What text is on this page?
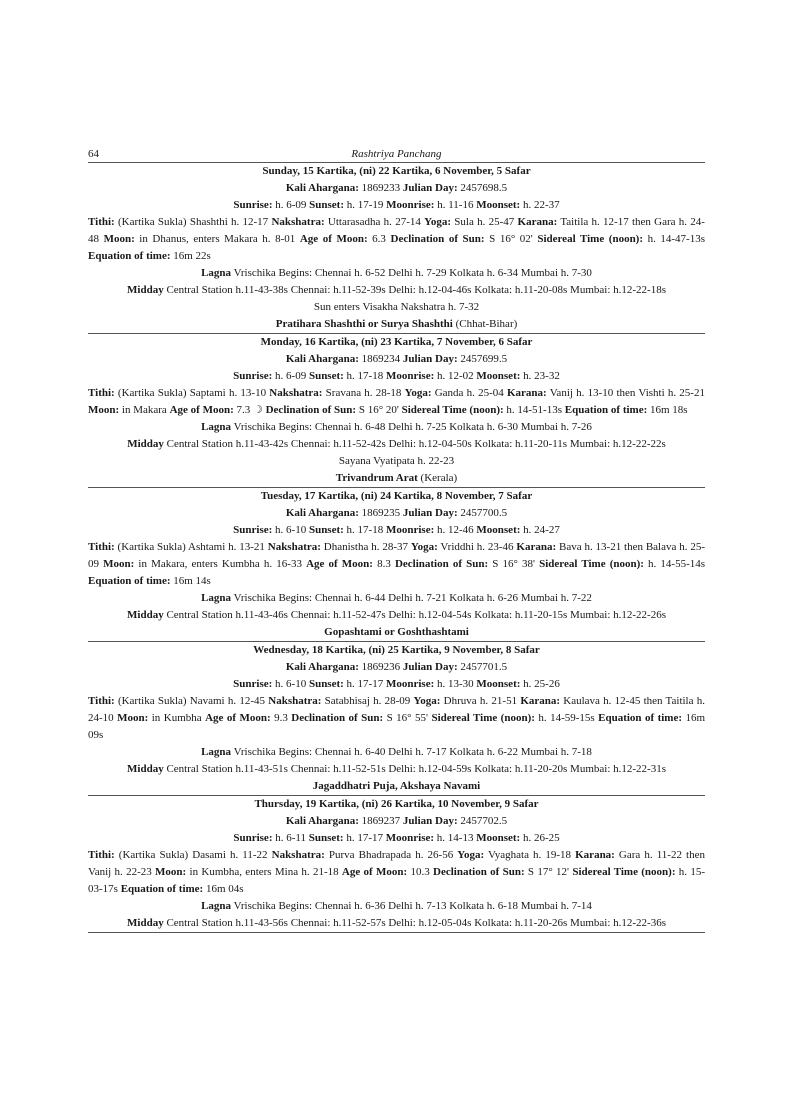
64	Rashtriya Panchang
Sunday, 15 Kartika, (ni) 22 Kartika, 6 November, 5 Safar
Kali Ahargana: 1869233 Julian Day: 2457698.5
Sunrise: h. 6-09 Sunset: h. 17-19 Moonrise: h. 11-16 Moonset: h. 22-37
Tithi: (Kartika Sukla) Shashthi h. 12-17 Nakshatra: Uttarasadha h. 27-14 Yoga: Sula h. 25-47 Karana: Taitila h. 12-17 then Gara h. 24-48 Moon: in Dhanus, enters Makara h. 8-01 Age of Moon: 6.3 Declination of Sun: S 16° 02' Sidereal Time (noon): h. 14-47-13s Equation of time: 16m 22s
Lagna Vrischika Begins: Chennai h. 6-52 Delhi h. 7-29 Kolkata h. 6-34 Mumbai h. 7-30
Midday Central Station h.11-43-38s Chennai: h.11-52-39s Delhi: h.12-04-46s Kolkata: h.11-20-08s Mumbai: h.12-22-18s
Sun enters Visakha Nakshatra h. 7-32
Pratihara Shashthi or Surya Shashthi (Chhat-Bihar)
Monday, 16 Kartika, (ni) 23 Kartika, 7 November, 6 Safar
Kali Ahargana: 1869234 Julian Day: 2457699.5
Sunrise: h. 6-09 Sunset: h. 17-18 Moonrise: h. 12-02 Moonset: h. 23-32
Tithi: (Kartika Sukla) Saptami h. 13-10 Nakshatra: Sravana h. 28-18 Yoga: Ganda h. 25-04 Karana: Vanij h. 13-10 then Vishti h. 25-21 Moon: in Makara Age of Moon: 7.3 ☽ Declination of Sun: S 16° 20' Sidereal Time (noon): h. 14-51-13s Equation of time: 16m 18s
Lagna Vrischika Begins: Chennai h. 6-48 Delhi h. 7-25 Kolkata h. 6-30 Mumbai h. 7-26
Midday Central Station h.11-43-42s Chennai: h.11-52-42s Delhi: h.12-04-50s Kolkata: h.11-20-11s Mumbai: h.12-22-22s
Sayana Vyatipata h. 22-23
Trivandrum Arat (Kerala)
Tuesday, 17 Kartika, (ni) 24 Kartika, 8 November, 7 Safar
Kali Ahargana: 1869235 Julian Day: 2457700.5
Sunrise: h. 6-10 Sunset: h. 17-18 Moonrise: h. 12-46 Moonset: h. 24-27
Tithi: (Kartika Sukla) Ashtami h. 13-21 Nakshatra: Dhanistha h. 28-37 Yoga: Vriddhi h. 23-46 Karana: Bava h. 13-21 then Balava h. 25-09 Moon: in Makara, enters Kumbha h. 16-33 Age of Moon: 8.3 Declination of Sun: S 16° 38' Sidereal Time (noon): h. 14-55-14s Equation of time: 16m 14s
Lagna Vrischika Begins: Chennai h. 6-44 Delhi h. 7-21 Kolkata h. 6-26 Mumbai h. 7-22
Midday Central Station h.11-43-46s Chennai: h.11-52-47s Delhi: h.12-04-54s Kolkata: h.11-20-15s Mumbai: h.12-22-26s
Gopashtami or Goshthashtami
Wednesday, 18 Kartika, (ni) 25 Kartika, 9 November, 8 Safar
Kali Ahargana: 1869236 Julian Day: 2457701.5
Sunrise: h. 6-10 Sunset: h. 17-17 Moonrise: h. 13-30 Moonset: h. 25-26
Tithi: (Kartika Sukla) Navami h. 12-45 Nakshatra: Satabhisaj h. 28-09 Yoga: Dhruva h. 21-51 Karana: Kaulava h. 12-45 then Taitila h. 24-10 Moon: in Kumbha Age of Moon: 9.3 Declination of Sun: S 16° 55' Sidereal Time (noon): h. 14-59-15s Equation of time: 16m 09s
Lagna Vrischika Begins: Chennai h. 6-40 Delhi h. 7-17 Kolkata h. 6-22 Mumbai h. 7-18
Midday Central Station h.11-43-51s Chennai: h.11-52-51s Delhi: h.12-04-59s Kolkata: h.11-20-20s Mumbai: h.12-22-31s
Jagaddhatri Puja, Akshaya Navami
Thursday, 19 Kartika, (ni) 26 Kartika, 10 November, 9 Safar
Kali Ahargana: 1869237 Julian Day: 2457702.5
Sunrise: h. 6-11 Sunset: h. 17-17 Moonrise: h. 14-13 Moonset: h. 26-25
Tithi: (Kartika Sukla) Dasami h. 11-22 Nakshatra: Purva Bhadrapada h. 26-56 Yoga: Vyaghata h. 19-18 Karana: Gara h. 11-22 then Vanij h. 22-23 Moon: in Kumbha, enters Mina h. 21-18 Age of Moon: 10.3 Declination of Sun: S 17° 12' Sidereal Time (noon): h. 15-03-17s Equation of time: 16m 04s
Lagna Vrischika Begins: Chennai h. 6-36 Delhi h. 7-13 Kolkata h. 6-18 Mumbai h. 7-14
Midday Central Station h.11-43-56s Chennai: h.11-52-57s Delhi: h.12-05-04s Kolkata: h.11-20-26s Mumbai: h.12-22-36s
